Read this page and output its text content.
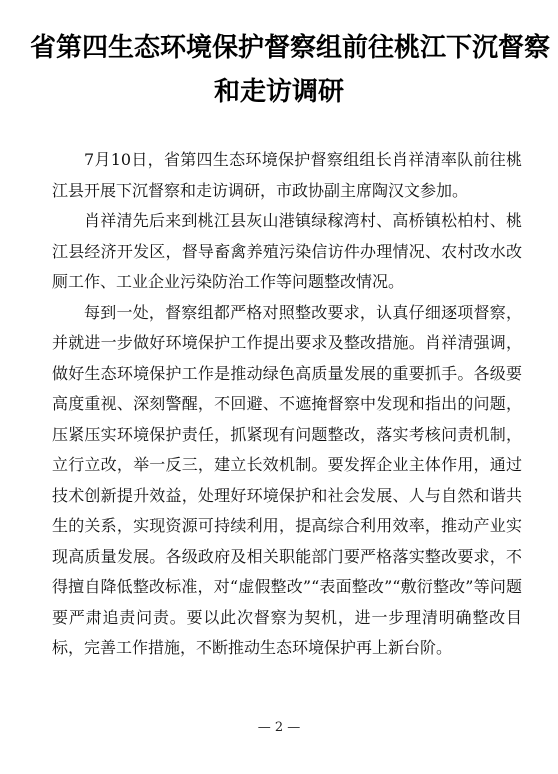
省第四生态环境保护督察组前往桃江下沉督察
和走访调研

7月10日，省第四生态环境保护督察组组长肖祥清率队前往桃江县开展下沉督察和走访调研，市政协副主席陶汉文参加。

肖祥清先后来到桃江县灰山港镇绿稼湾村、高桥镇松柏村、桃江县经济开发区，督导畜禽养殖污染信访件办理情况、农村改水改厕工作、工业企业污染防治工作等问题整改情况。

每到一处，督察组都严格对照整改要求，认真仔细逐项督察，并就进一步做好环境保护工作提出要求及整改措施。肖祥清强调，做好生态环境保护工作是推动绿色高质量发展的重要抓手。各级要高度重视、深刻警醒，不回避、不遮掩督察中发现和指出的问题，压紧压实环境保护责任，抓紧现有问题整改，落实考核问责机制，立行立改，举一反三，建立长效机制。要发挥企业主体作用，通过技术创新提升效益，处理好环境保护和社会发展、人与自然和谐共生的关系，实现资源可持续利用，提高综合利用效率，推动产业实现高质量发展。各级政府及相关职能部门要严格落实整改要求，不得擅自降低整改标准，对“虚假整改”“表面整改”“敷衍整改”等问题要严肃追责问责。要以此次督察为契机，进一步理清明确整改目标，完善工作措施，不断推动生态环境保护再上新台阶。

— 2 —
